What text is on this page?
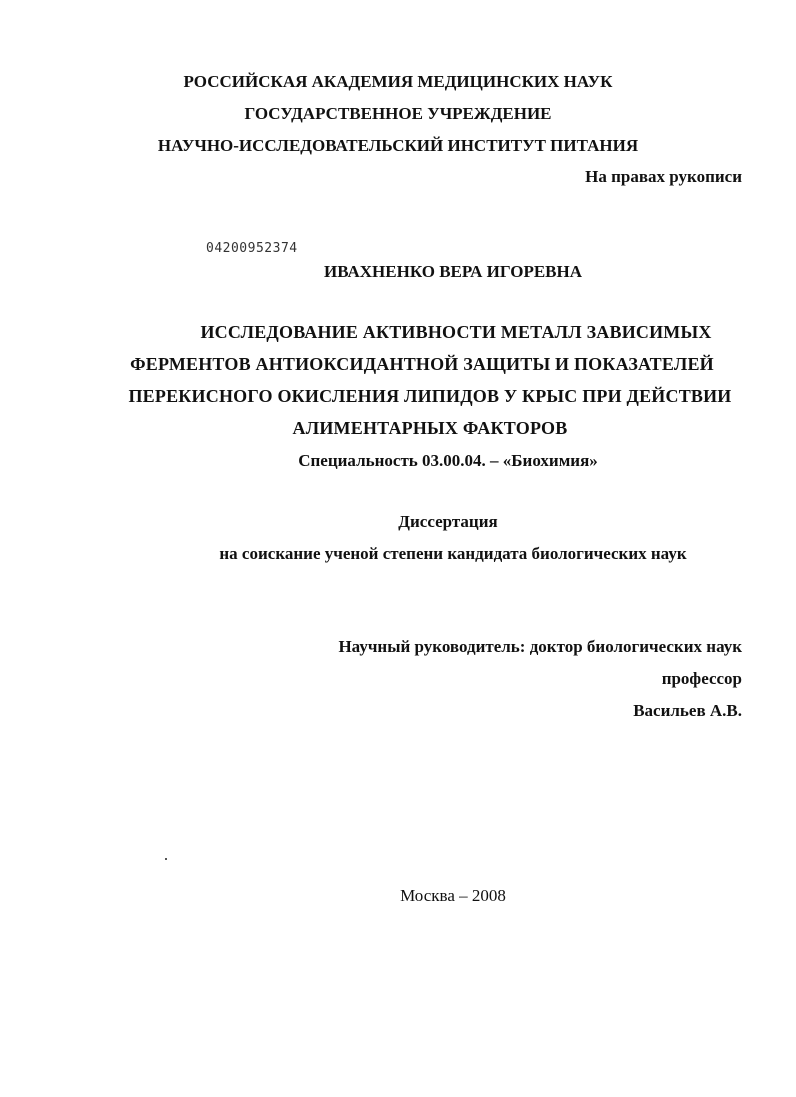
РОССИЙСКАЯ АКАДЕМИЯ МЕДИЦИНСКИХ НАУК
ГОСУДАРСТВЕННОЕ УЧРЕЖДЕНИЕ
НАУЧНО-ИССЛЕДОВАТЕЛЬСКИЙ ИНСТИТУТ ПИТАНИЯ
На правах рукописи
04200952374
ИВАХНЕНКО ВЕРА ИГОРЕВНА
ИССЛЕДОВАНИЕ АКТИВНОСТИ МЕТАЛЛ ЗАВИСИМЫХ
ФЕРМЕНТОВ АНТИОКСИДАНТНОЙ ЗАЩИТЫ И ПОКАЗАТЕЛЕЙ
ПЕРЕКИСНОГО ОКИСЛЕНИЯ ЛИПИДОВ У КРЫС ПРИ ДЕЙСТВИИ
АЛИМЕНТАРНЫХ ФАКТОРОВ
Специальность 03.00.04. – «Биохимия»
Диссертация
на соискание ученой степени кандидата биологических наук
Научный руководитель: доктор биологических наук
профессор
Васильев А.В.
Москва – 2008
